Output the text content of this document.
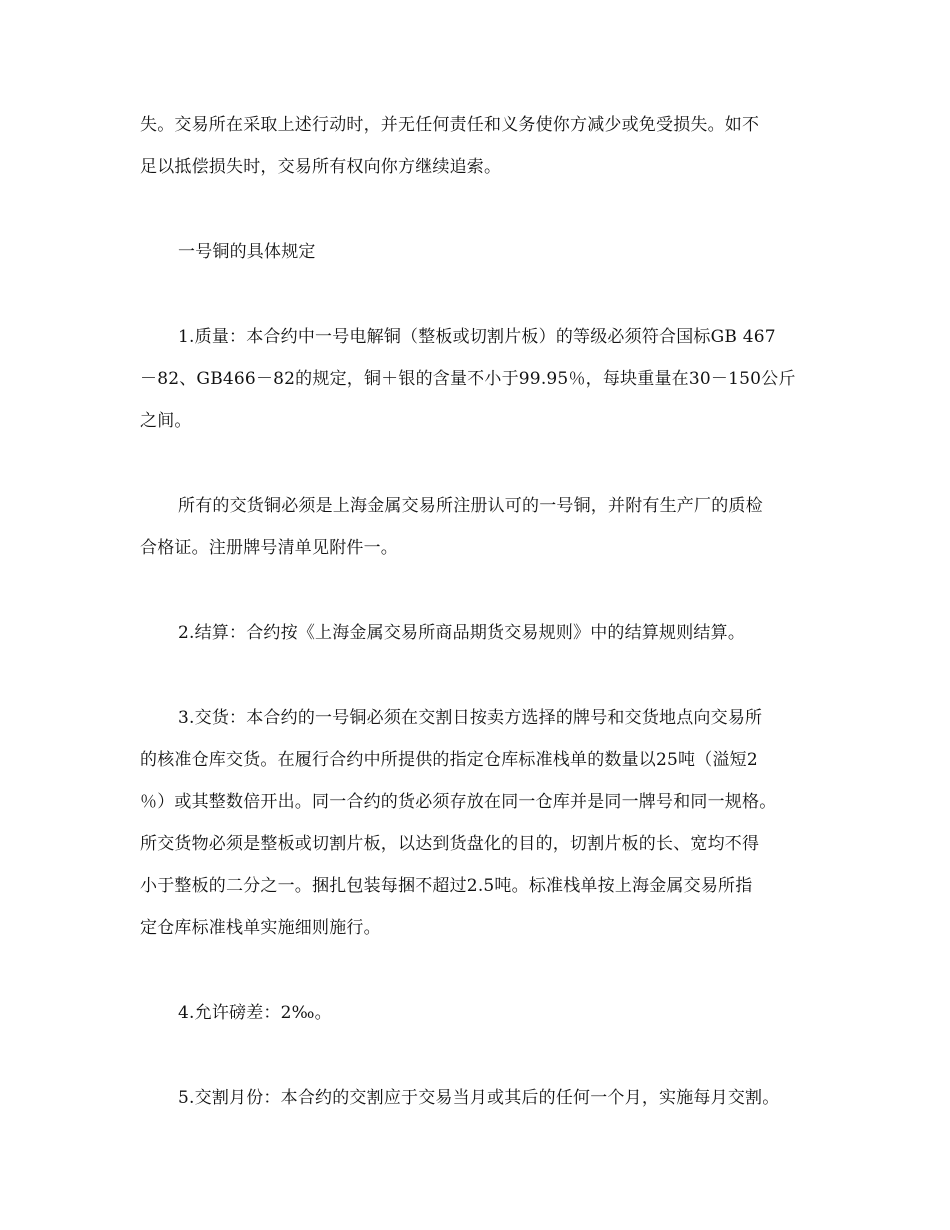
失。交易所在采取上述行动时，并无任何责任和义务使你方减少或免受损失。如不
足以抵偿损失时，交易所有权向你方继续追索。
一号铜的具体规定
1.质量：本合约中一号电解铜（整板或切割片板）的等级必须符合国标GB 467
－82、GB466－82的规定，铜＋银的含量不小于99.95％，每块重量在30－150公斤
之间。
所有的交货铜必须是上海金属交易所注册认可的一号铜，并附有生产厂的质检
合格证。注册牌号清单见附件一。
2.结算：合约按《上海金属交易所商品期货交易规则》中的结算规则结算。
3.交货：本合约的一号铜必须在交割日按卖方选择的牌号和交货地点向交易所
的核准仓库交货。在履行合约中所提供的指定仓库标准栈单的数量以25吨（溢短2
％）或其整数倍开出。同一合约的货必须存放在同一仓库并是同一牌号和同一规格。
所交货物必须是整板或切割片板，以达到货盘化的目的，切割片板的长、宽均不得
小于整板的二分之一。捆扎包装每捆不超过2.5吨。标准栈单按上海金属交易所指
定仓库标准栈单实施细则施行。
4.允许磅差：2‰。
5.交割月份：本合约的交割应于交易当月或其后的任何一个月，实施每月交割。
